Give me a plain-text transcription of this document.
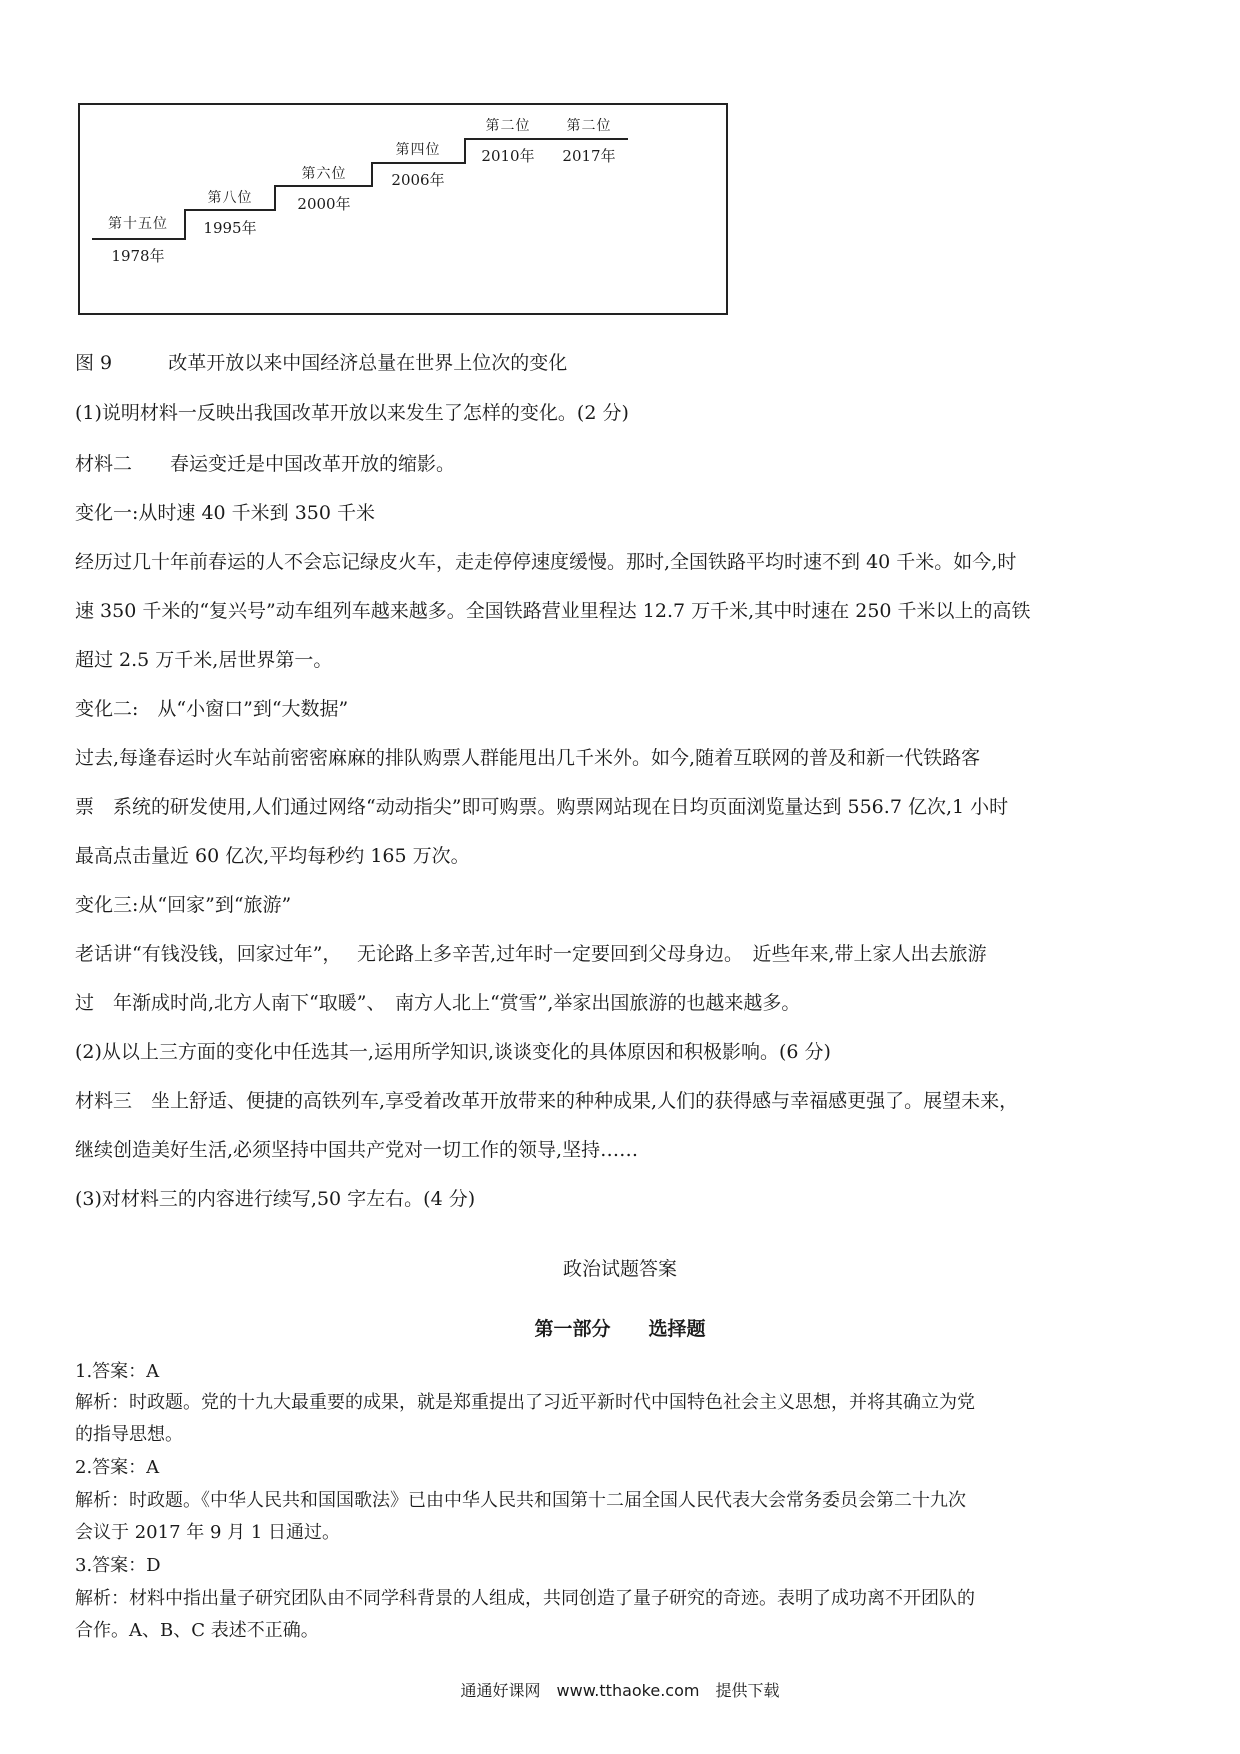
第十五位
1978年
第八位
1995年
第六位
2000年
第四位
2006年
第二位
2010年
第二位
2017年
图 9	改革开放以来中国经济总量在世界上位次的变化
(1)说明材料一反映出我国改革开放以来发生了怎样的变化。(2 分)
材料二　　春运变迁是中国改革开放的缩影。
变化一:从时速 40 千米到 350 千米
经历过几十年前春运的人不会忘记绿皮火车，走走停停速度缓慢。那时,全国铁路平均时速不到 40 千米。如今,时
速 350 千米的“复兴号”动车组列车越来越多。全国铁路营业里程达 12.7 万千米,其中时速在 250 千米以上的高铁
超过 2.5 万千米,居世界第一。
变化二:　从“小窗口”到“大数据”
过去,每逢春运时火车站前密密麻麻的排队购票人群能甩出几千米外。如今,随着互联网的普及和新一代铁路客
票　系统的研发使用,人们通过网络“动动指尖”即可购票。购票网站现在日均页面浏览量达到 556.7 亿次,1 小时
最高点击量近 60 亿次,平均每秒约 165 万次。
变化三:从“回家”到“旅游”
老话讲“有钱没钱，回家过年”，　 无论路上多辛苦,过年时一定要回到父母身边。　近些年来,带上家人出去旅游
过　年渐成时尚,北方人南下“取暖”、　南方人北上“赏雪”,举家出国旅游的也越来越多。
(2)从以上三方面的变化中任选其一,运用所学知识,谈谈变化的具体原因和积极影响。(6 分)
材料三　坐上舒适、便捷的高铁列车,享受着改革开放带来的种种成果,人们的获得感与幸福感更强了。展望未来，
继续创造美好生活,必须坚持中国共产党对一切工作的领导,坚持……
(3)对材料三的内容进行续写,50 字左右。(4 分)
政治试题答案
第一部分　　选择题
1.答案：A
解析：时政题。党的十九大最重要的成果，就是郑重提出了习近平新时代中国特色社会主义思想，并将其确立为党
的指导思想。
2.答案：A
解析：时政题。《中华人民共和国国歌法》已由中华人民共和国第十二届全国人民代表大会常务委员会第二十九次
会议于 2017 年 9 月 1 日通过。
3.答案：D
解析：材料中指出量子研究团队由不同学科背景的人组成，共同创造了量子研究的奇迹。表明了成功离不开团队的
合作。A、B、C 表述不正确。
通通好课网　www.tthaoke.com　提供下载
